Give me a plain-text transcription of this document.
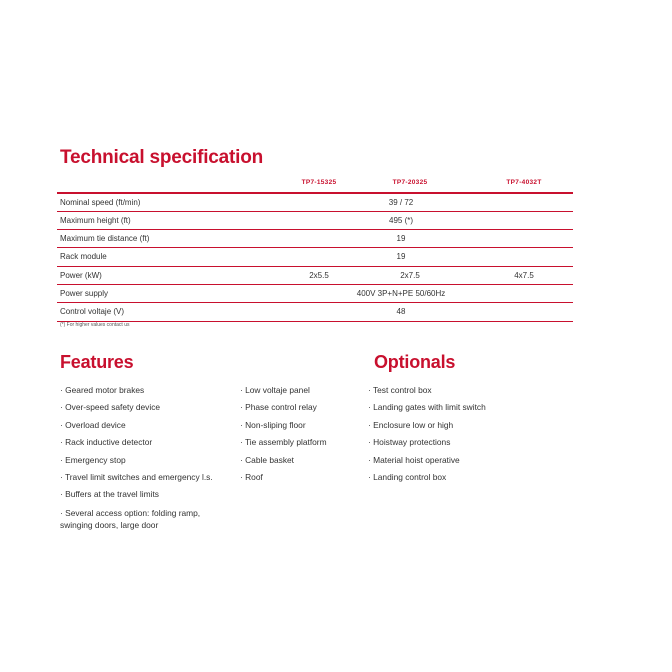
Technical specification
TP7-15325	TP7-20325	TP7-4032T
Nominal speed (ft/min)	39 / 72
Maximum height (ft)	495 (*)
Maximum tie distance (ft)	19
Rack module	19
Power (kW)	2x5.5	2x7.5	4x7.5
Power supply	400V 3P+N+PE 50/60Hz
Control voltaje (V)	48
(*) For higher values contact us
Features	Optionals
· Geared motor brakes
· Over-speed safety device
· Overload device
· Rack inductive detector
· Emergency stop
· Travel limit switches and emergency l.s.
· Buffers at the travel limits
· Several access option: folding ramp, swinging doors, large door
· Low voltaje panel
· Phase control relay
· Non-sliping floor
· Tie assembly platform
· Cable basket
· Roof
· Test control box
· Landing gates with limit switch
· Enclosure low or high
· Hoistway protections
· Material hoist operative
· Landing control box
